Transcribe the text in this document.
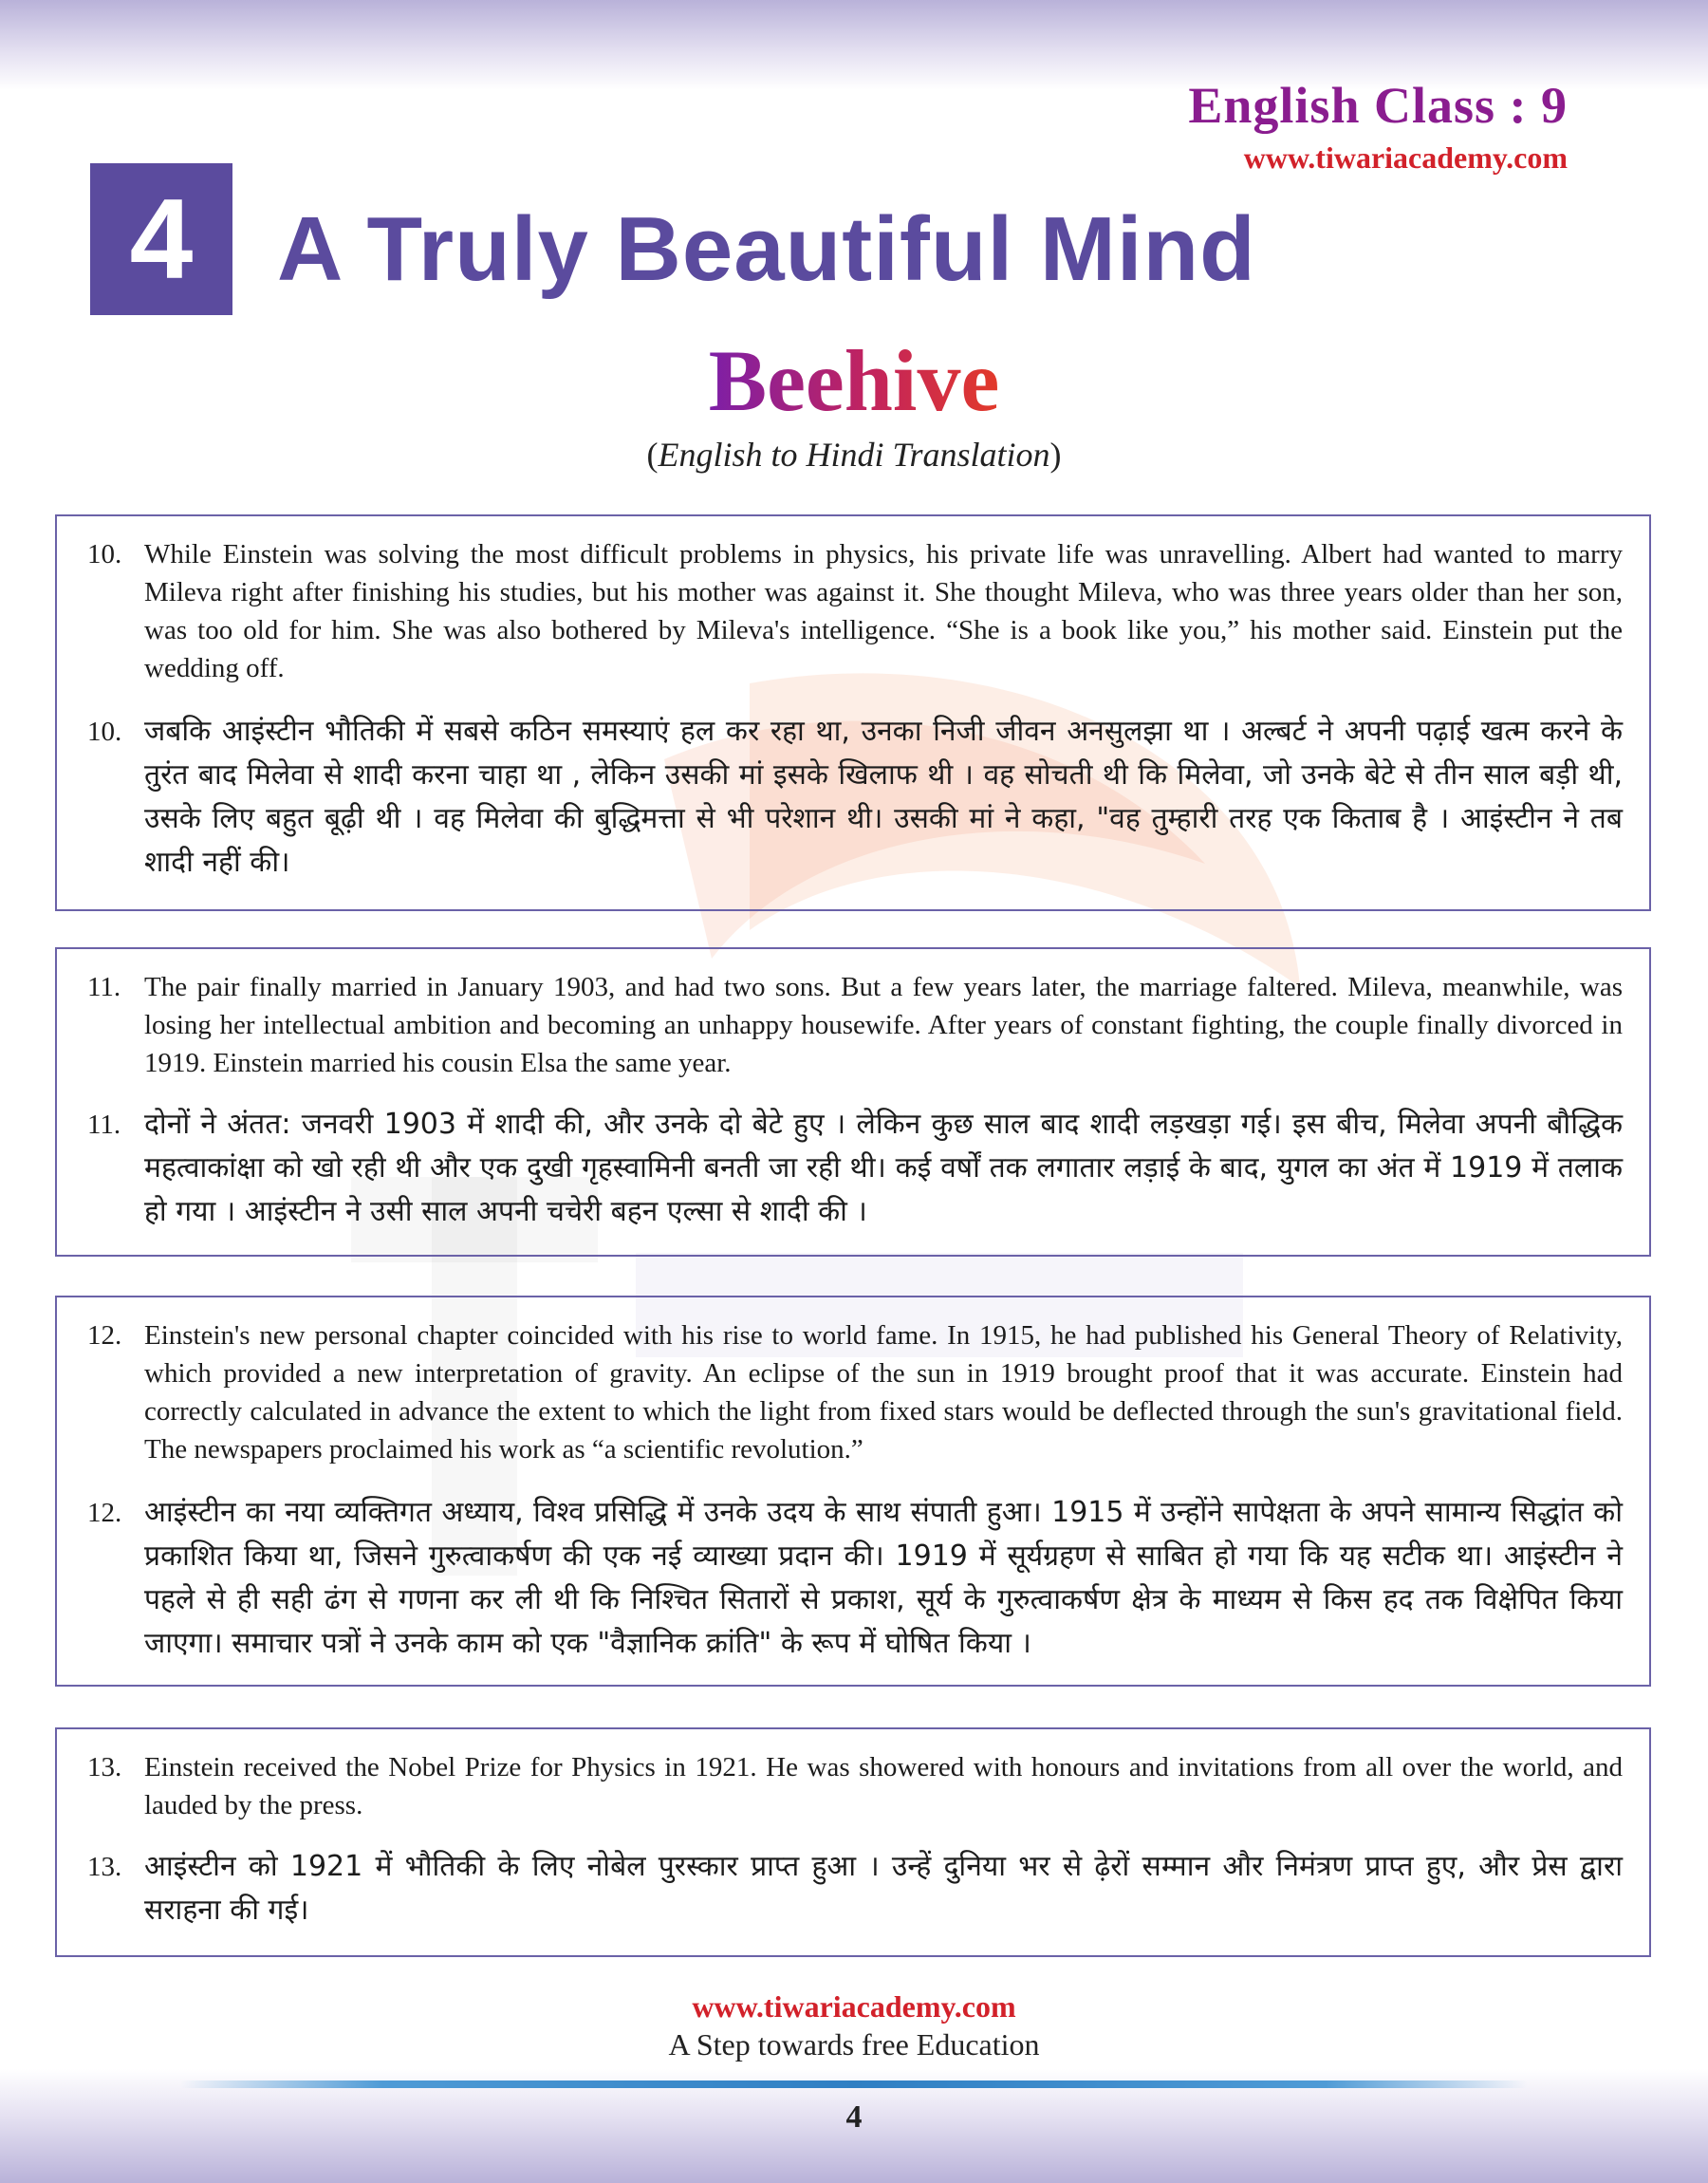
English Class : 9
www.tiwariacademy.com
4 A Truly Beautiful Mind
Beehive
(English to Hindi Translation)
10. While Einstein was solving the most difficult problems in physics, his private life was unravelling. Albert had wanted to marry Mileva right after finishing his studies, but his mother was against it. She thought Mileva, who was three years older than her son, was too old for him. She was also bothered by Mileva's intelligence. “She is a book like you,” his mother said. Einstein put the wedding off.
10. जबकि आइंस्टीन भौतिकी में सबसे कठिन समस्याएं हल कर रहा था, उनका निजी जीवन अनसुलझा था । अल्बर्ट ने अपनी पढ़ाई खत्म करने के तुरंत बाद मिलेवा से शादी करना चाहा था , लेकिन उसकी मां इसके खिलाफ थी । वह सोचती थी कि मिलेवा, जो उनके बेटे से तीन साल बड़ी थी, उसके लिए बहुत बूढ़ी थी । वह मिलेवा की बुद्धिमत्ता से भी परेशान थी। उसकी मां ने कहा, "वह तुम्हारी तरह एक किताब है । आइंस्टीन ने तब शादी नहीं की।
11. The pair finally married in January 1903, and had two sons. But a few years later, the marriage faltered. Mileva, meanwhile, was losing her intellectual ambition and becoming an unhappy housewife. After years of constant fighting, the couple finally divorced in 1919. Einstein married his cousin Elsa the same year.
11. दोनों ने अंतत: जनवरी 1903 में शादी की, और उनके दो बेटे हुए । लेकिन कुछ साल बाद शादी लड़खड़ा गई। इस बीच, मिलेवा अपनी बौद्धिक महत्वाकांक्षा को खो रही थी और एक दुखी गृहस्वामिनी बनती जा रही थी। कई वर्षों तक लगातार लड़ाई के बाद, युगल का अंत में 1919 में तलाक हो गया । आइंस्टीन ने उसी साल अपनी चचेरी बहन एल्सा से शादी की ।
12. Einstein's new personal chapter coincided with his rise to world fame. In 1915, he had published his General Theory of Relativity, which provided a new interpretation of gravity. An eclipse of the sun in 1919 brought proof that it was accurate. Einstein had correctly calculated in advance the extent to which the light from fixed stars would be deflected through the sun's gravitational field. The newspapers proclaimed his work as “a scientific revolution.”
12. आइंस्टीन का नया व्यक्तिगत अध्याय, विश्व प्रसिद्धि में उनके उदय के साथ संपाती हुआ। 1915 में उन्होंने सापेक्षता के अपने सामान्य सिद्धांत को प्रकाशित किया था, जिसने गुरुत्वाकर्षण की एक नई व्याख्या प्रदान की। 1919 में सूर्यग्रहण से साबित हो गया कि यह सटीक था। आइंस्टीन ने पहले से ही सही ढंग से गणना कर ली थी कि निश्चित सितारों से प्रकाश, सूर्य के गुरुत्वाकर्षण क्षेत्र के माध्यम से किस हद तक विक्षेपित किया जाएगा। समाचार पत्रों ने उनके काम को एक "वैज्ञानिक क्रांति" के रूप में घोषित किया ।
13. Einstein received the Nobel Prize for Physics in 1921. He was showered with honours and invitations from all over the world, and lauded by the press.
13. आइंस्टीन को 1921 में भौतिकी के लिए नोबेल पुरस्कार प्राप्त हुआ । उन्हें दुनिया भर से ढ़ेरों सम्मान और निमंत्रण प्राप्त हुए, और प्रेस द्वारा सराहना की गई।
www.tiwariacademy.com
A Step towards free Education
4
